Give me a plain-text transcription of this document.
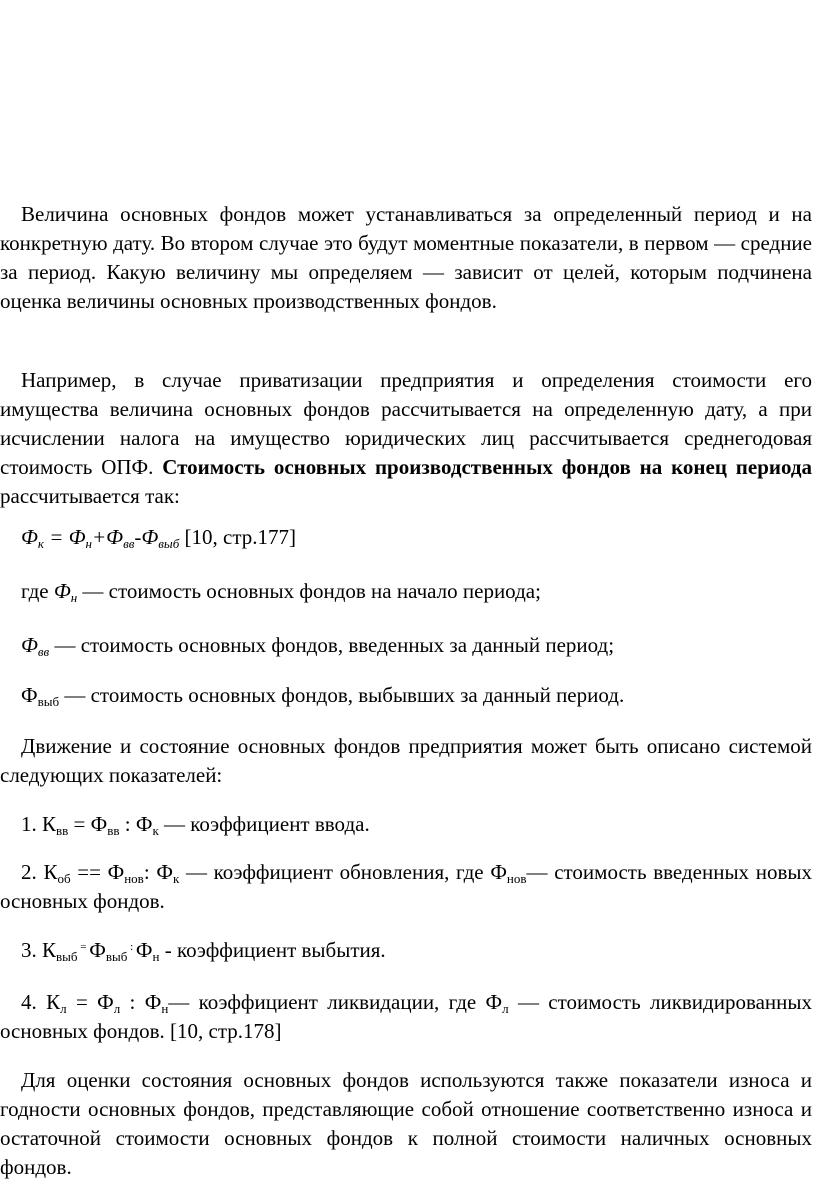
Величина основных фондов может устанавливаться за определенный период и на конкретную дату. Во втором случае это будут моментные показатели, в первом — средние за период. Какую величину мы определяем — зависит от целей, которым подчинена оценка величины основных производственных фондов.

Например, в случае приватизации предприятия и определения стоимости его имущества величина основных фондов рассчитывается на определенную дату, а при исчислении налога на имущество юридических лиц рассчитывается среднегодовая стоимость ОПФ. Стоимость основных производственных фондов на конец периода рассчитывается так:

$Ф_к = Ф_н+Ф_{вв}-Ф_{выб}$ [10, стр.177]

где $Ф_н$ — стоимость основных фондов на начало периода;

$Ф_{вв}$ — стоимость основных фондов, введенных за данный период;

$Ф_{выб}$ — стоимость основных фондов, выбывших за данный период.

Движение и состояние основных фондов предприятия может быть описано системой следующих показателей:

1. $К_{вв} = Ф_{вв}$ : $Ф_к$ — коэффициент ввода.

2. $К_{об} == Ф_{нов}$: $Ф_к$ — коэффициент обновления, где $Ф_{нов}—$ стоимость введенных новых основных фондов.

3. $К_{выб}$ = $Ф_{выб}$ : $Ф_н$ - коэффициент выбытия.

4. $К_л = Ф_л$ : $Ф_н—$ коэффициент ликвидации, где $Ф_л$ — стоимость ликвидированных основных фондов. [10, стр.178]

Для оценки состояния основных фондов используются также показатели износа и годности основных фондов, представляющие собой отношение соответственно износа и остаточной стоимости основных фондов к полной стоимости наличных основных фондов.
